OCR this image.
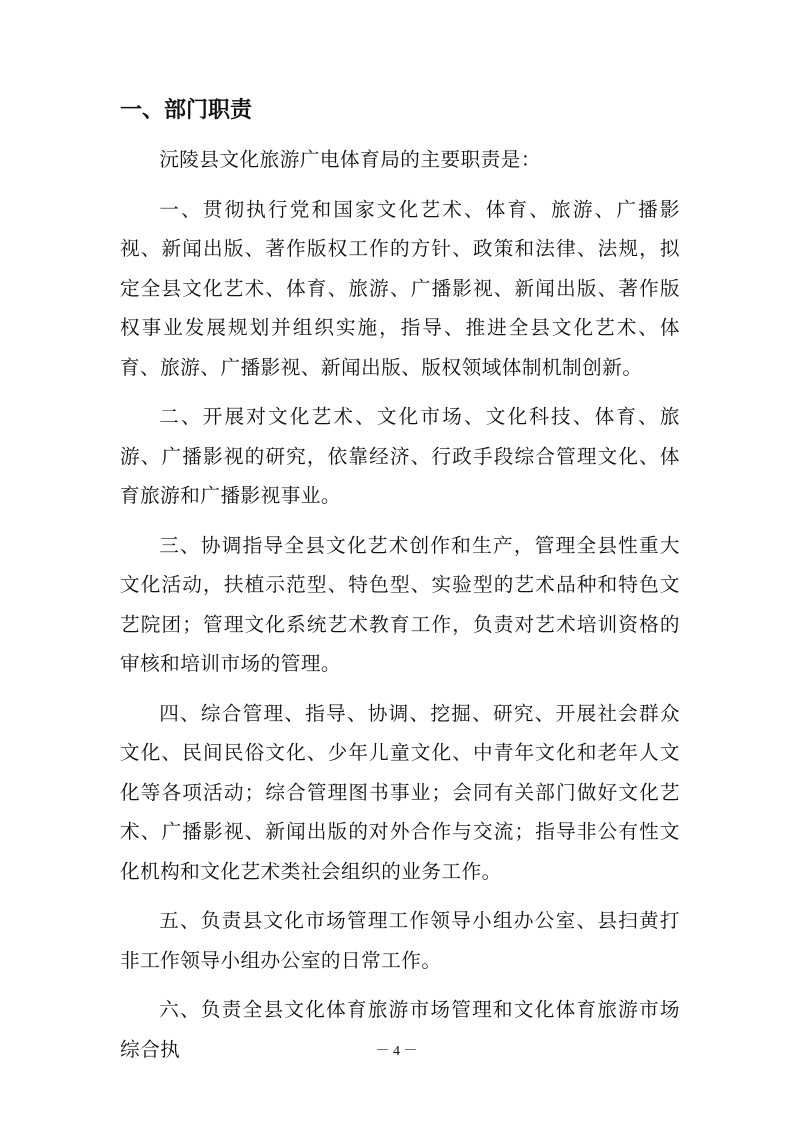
一、部门职责

沅陵县文化旅游广电体育局的主要职责是：

一、贯彻执行党和国家文化艺术、体育、旅游、广播影视、新闻出版、著作版权工作的方针、政策和法律、法规，拟定全县文化艺术、体育、旅游、广播影视、新闻出版、著作版权事业发展规划并组织实施，指导、推进全县文化艺术、体育、旅游、广播影视、新闻出版、版权领域体制机制创新。

二、开展对文化艺术、文化市场、文化科技、体育、旅游、广播影视的研究，依靠经济、行政手段综合管理文化、体育旅游和广播影视事业。

三、协调指导全县文化艺术创作和生产，管理全县性重大文化活动，扶植示范型、特色型、实验型的艺术品种和特色文艺院团；管理文化系统艺术教育工作，负责对艺术培训资格的审核和培训市场的管理。

四、综合管理、指导、协调、挖掘、研究、开展社会群众文化、民间民俗文化、少年儿童文化、中青年文化和老年人文化等各项活动；综合管理图书事业；会同有关部门做好文化艺术、广播影视、新闻出版的对外合作与交流；指导非公有性文化机构和文化艺术类社会组织的业务工作。

五、负责县文化市场管理工作领导小组办公室、县扫黄打非工作领导小组办公室的日常工作。

六、负责全县文化体育旅游市场管理和文化体育旅游市场综合执	－ 4 －
